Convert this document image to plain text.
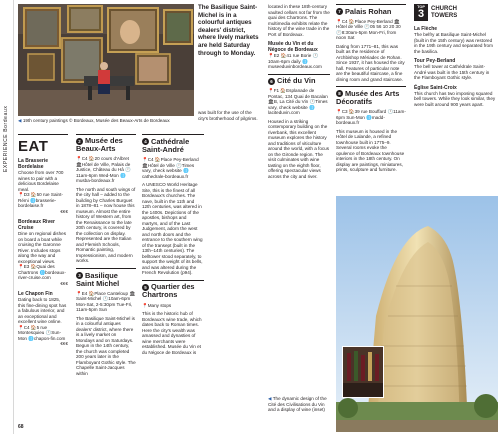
EXPERIENCE Bordeaux ◀ 19th century paintings © Bordeaux, Musée des Beaux-Arts de Bordeaux
EAT
La Brasserie Bordelaise
Choose from over 700 wines to pair with a delicious Bordelaise meal.
📍D3 🏠50 rue Saint-Rémi 🌐brasserie-bordelaise.fr
€€€
Bordeaux River Cruise
Dine on regional dishes on board a boat while cruising the Garonne River. Includes stops along the way and exceptional views.
📍E3 🏠Quai des Chartrons 🌐bordeaux-river-cruise.com
€€€
Le Chapon Fin
Dating back to 1825, this fine-dining spot has a fabulous interior, and an exceptional and excellent wine online.
📍C4 🏠5 rue Montesquieu 🕐Sun-Mon 🌐chapon-fin.com
€€€
2 Musée des Beaux-Arts
📍C4 🏠20 cours d'Albret 🏛Hôtel de Ville, Palais de Justice, Château du Hâ 🕐11am-6pm Wed-Mon 🌐musba-bordeaux.fr
The north and south wings of the city hall – added to the building by Charles Burguet in 1878–81 – now house this museum. Almost the entire history of Western art, from the Renaissance to the late 20th century, is covered by the collection on display. Represented are the Italian and Flemish Schools, Romantic painting, Impressionism, and modern works.
3 Basilique Saint Michel
📍E4 🏠Place Canteloup 🏛Saint-Michel 🕐10am-6pm Mon-Sat, 2-5:30pm Tue-Fri, 11am-5pm Sun
The Basilique Saint-Michel is in a colourful antiques dealers' district, where there is a lively market on Mondays and on Saturdays. Begun in the 14th century, the church was completed 200 years later in the Flamboyant Gothic style. The Chapelle Saint-Jacques within
The Basilique Saint-Michel is in a colourful antiques dealers' district, where lively markets are held Saturday through to Monday.
was built for the use of the city's brotherhood of pilgrims.
4 Cathédrale Saint-André
📍C4 🏠Place Pey-Berland 🏛Hôtel de Ville 🕐Times vary, check website 🌐cathedrale-bordeaux.fr
A UNESCO World Heritage Site, this is the finest of all Bordeaux's churches. The nave, built in the 11th and 12th centuries, was altered in the 1400s. Depictions of the apostles, bishops and martyrs, and of the Last Judgement, adorn the west and north doors and the entrance to the southern wing of the transept (built in the 13th–14th centuries). The belltower stood separately, to support the weight of its bells, and was altered during the French Revolution (p94).
5 Quartier des Chartrons
📍Many stops
This is the historic hub of Bordeaux's wine trade, which dates back to Roman times. Here the city's wealth was amassed and dynasties of wine merchants were established. Musée du Vin et du Négoce de Bordeaux is
located in these 18th-century vaulted cellars not far from the quai des Chartrons. The multimedia exhibits relate the history of the wine trade in the Port of Bordeaux.
Musée du Vin et du Négoce de Bordeaux
📍E2 🏠41 rue Borie 🕐10am-6pm daily 🌐museeduvinbordeaux.com
6 Cité du Vin
📍F1 🏠Esplanade de Pontac, 134 Quai de Bacalan 🏛B, La Cité du Vin 🕐Times vary, check website 🌐laciteduvin.com
Housed in a striking contemporary building on the riverbank, this excellent museum explores the history and traditions of viticulture around the world, with a focus on the Gironde region. The visit culminates with wine tasting on the eighth floor, offering spectacular views across the city and river.
7 Palais Rohan
📍C4 🏠Place Pey-Berland 🏛Hôtel de Ville 🕐05 56 10 20 30 🕐8:30am-5pm Mon-Fri, from noon Sat
Dating from 1771–81, this was built as the residence of Archbishop Mériadec de Rohan. Since 1937, it has housed the city hall. Features of particular note are the beautiful staircase, a fine dining room and grand staircase.
8 Musée des Arts Décoratifs
📍C3 🏠39 rue Bouffard 🕐11am-6pm Sun-Mon 🌐madd-bordeaux.fr
This museum is housed in the Hôtel de Lalande, a refined townhouse built in 1775–9. Several rooms evoke the opulence of Bordeaux townhouse interiors in the 18th century. On display are paintings, miniatures, prints, sculpture and furniture.
TOP
3	CHURCH TOWERS
La Flèche
The belfry at Basilique Saint-Michel (built in the 15th century) was restored in the 19th century and separated from the basilica.
Tour Pey-Berland
The bell tower at Cathédrale Saint-André was built in the 15th century in the Flamboyant Gothic style.
Église Saint-Croix
This church has two imposing squared bell towers. While they look similar, they were built around 900 years apart.
◀ The dynamic design of the Cité des Civilisations du Vin and a display of wine (inset)
68
